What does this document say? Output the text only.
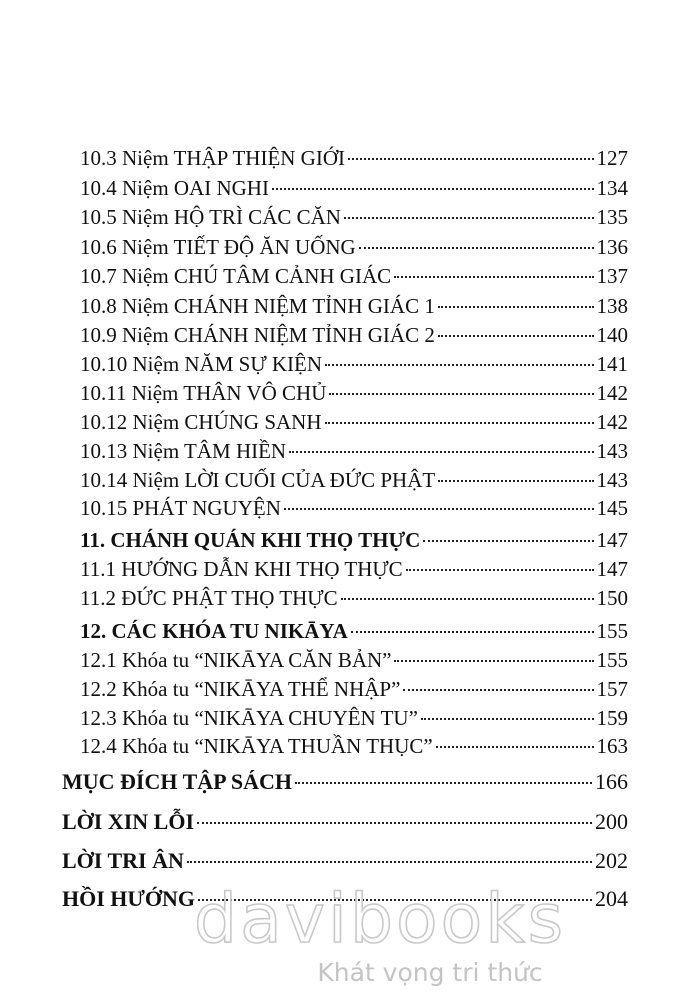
10.3 Niệm THẬP THIỆN GIỚI	127
10.4 Niệm OAI NGHI	134
10.5 Niệm HỘ TRÌ CÁC CĂN	135
10.6 Niệm TIẾT ĐỘ ĂN UỐNG	136
10.7 Niệm CHÚ TÂM CẢNH GIÁC	137
10.8 Niệm CHÁNH NIỆM TỈNH GIÁC 1	138
10.9 Niệm CHÁNH NIỆM TỈNH GIÁC 2	140
10.10 Niệm NĂM SỰ KIỆN	141
10.11 Niệm THÂN VÔ CHỦ	142
10.12 Niệm CHÚNG SANH	142
10.13 Niệm TÂM HIỀN	143
10.14 Niệm LỜI CUỐI CỦA ĐỨC PHẬT	143
10.15 PHÁT NGUYỆN	145
11. CHÁNH QUÁN KHI THỌ THỰC	147
11.1 HƯỚNG DẪN KHI THỌ THỰC	147
11.2 ĐỨC PHẬT THỌ THỰC	150
12. CÁC KHÓA TU NIKĀYA	155
12.1 Khóa tu “NIKĀYA CĂN BẢN”	155
12.2 Khóa tu “NIKĀYA THỂ NHẬP”	157
12.3 Khóa tu “NIKĀYA CHUYÊN TU”	159
12.4 Khóa tu “NIKĀYA THUẦN THỤC”	163
MỤC ĐÍCH TẬP SÁCH	166
LỜI XIN LỖI	200
LỜI TRI ÂN	202
HỒI HƯỚNG	204
davibooks
Khát vọng tri thức
